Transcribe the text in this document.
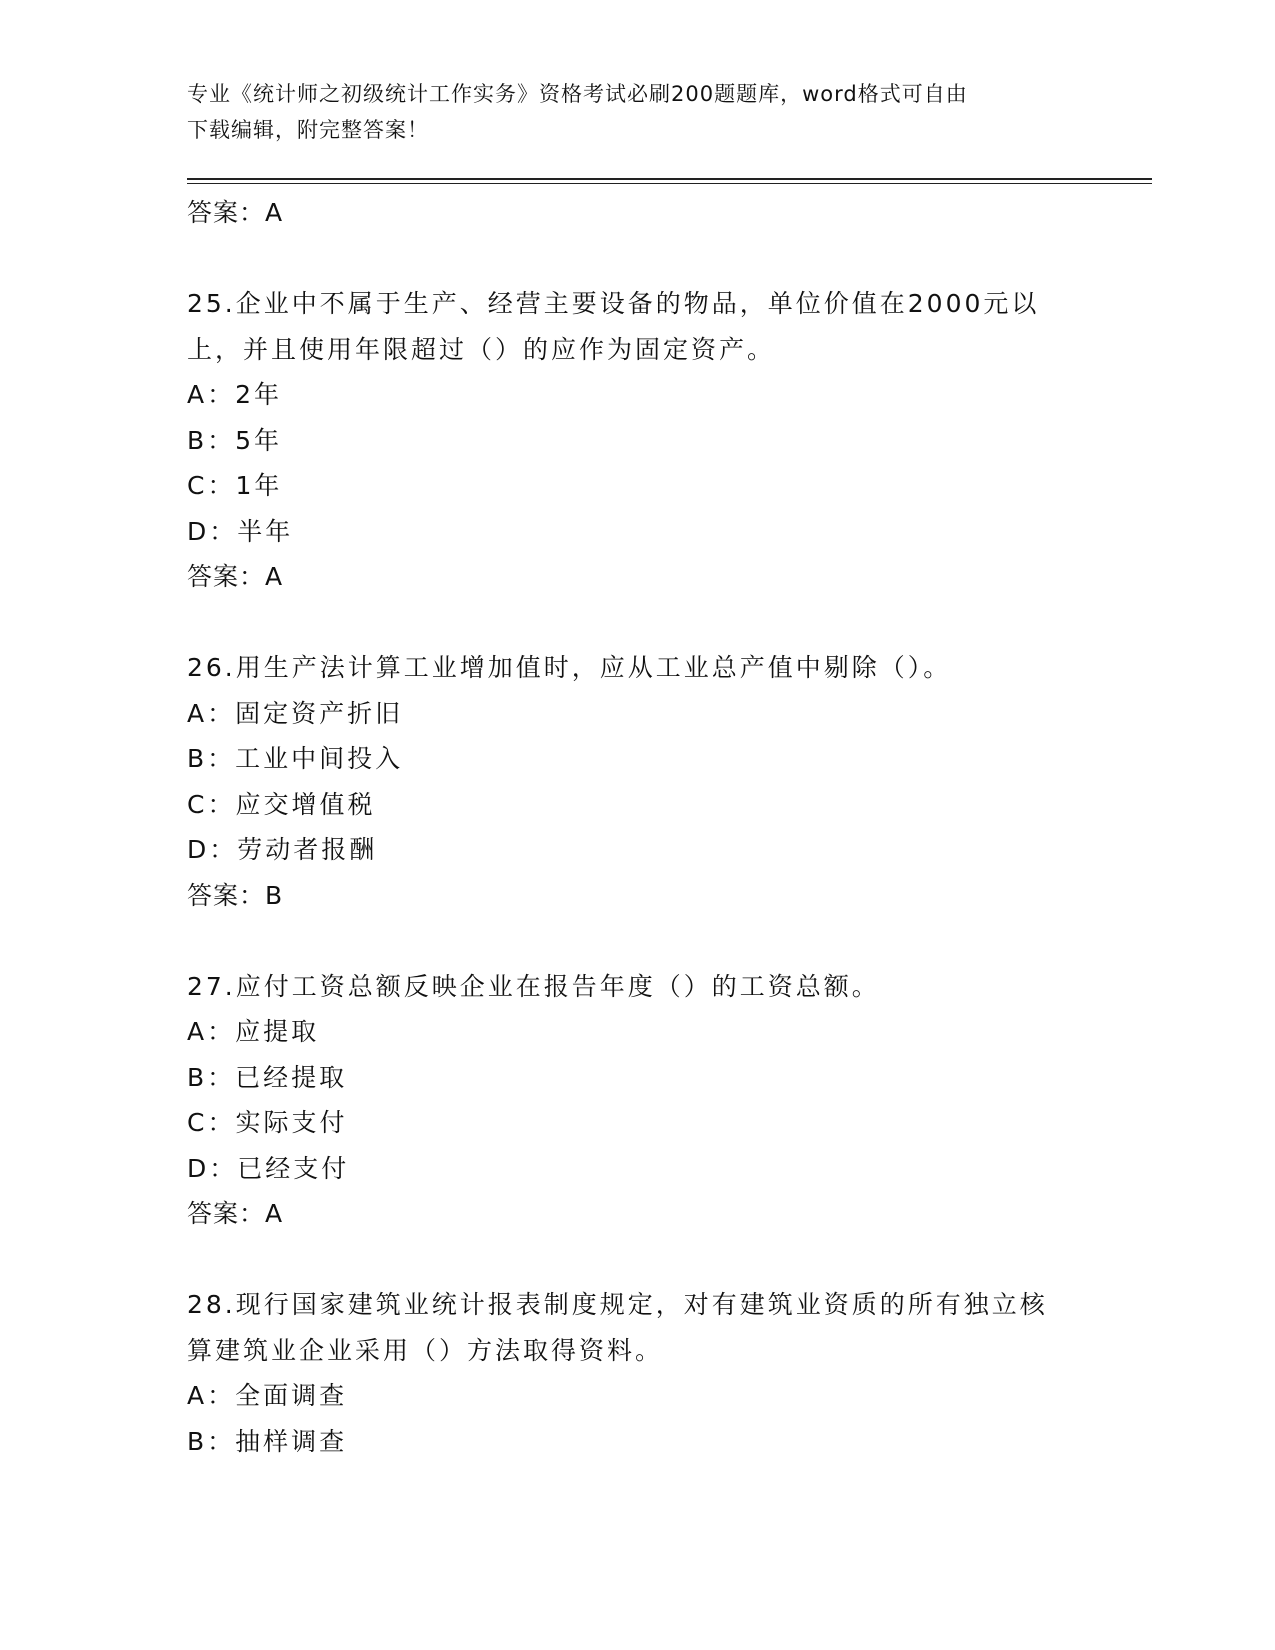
专业《统计师之初级统计工作实务》资格考试必刷200题题库，word格式可自由
下载编辑，附完整答案！
答案：A
25.企业中不属于生产、经营主要设备的物品，单位价值在2000元以
上，并且使用年限超过（）的应作为固定资产。
A：2年
B：5年
C：1年
D：半年
答案：A
26.用生产法计算工业增加值时，应从工业总产值中剔除（）。
A：固定资产折旧
B：工业中间投入
C：应交增值税
D：劳动者报酬
答案：B
27.应付工资总额反映企业在报告年度（）的工资总额。
A：应提取
B：已经提取
C：实际支付
D：已经支付
答案：A
28.现行国家建筑业统计报表制度规定，对有建筑业资质的所有独立核
算建筑业企业采用（）方法取得资料。
A：全面调查
B：抽样调查
